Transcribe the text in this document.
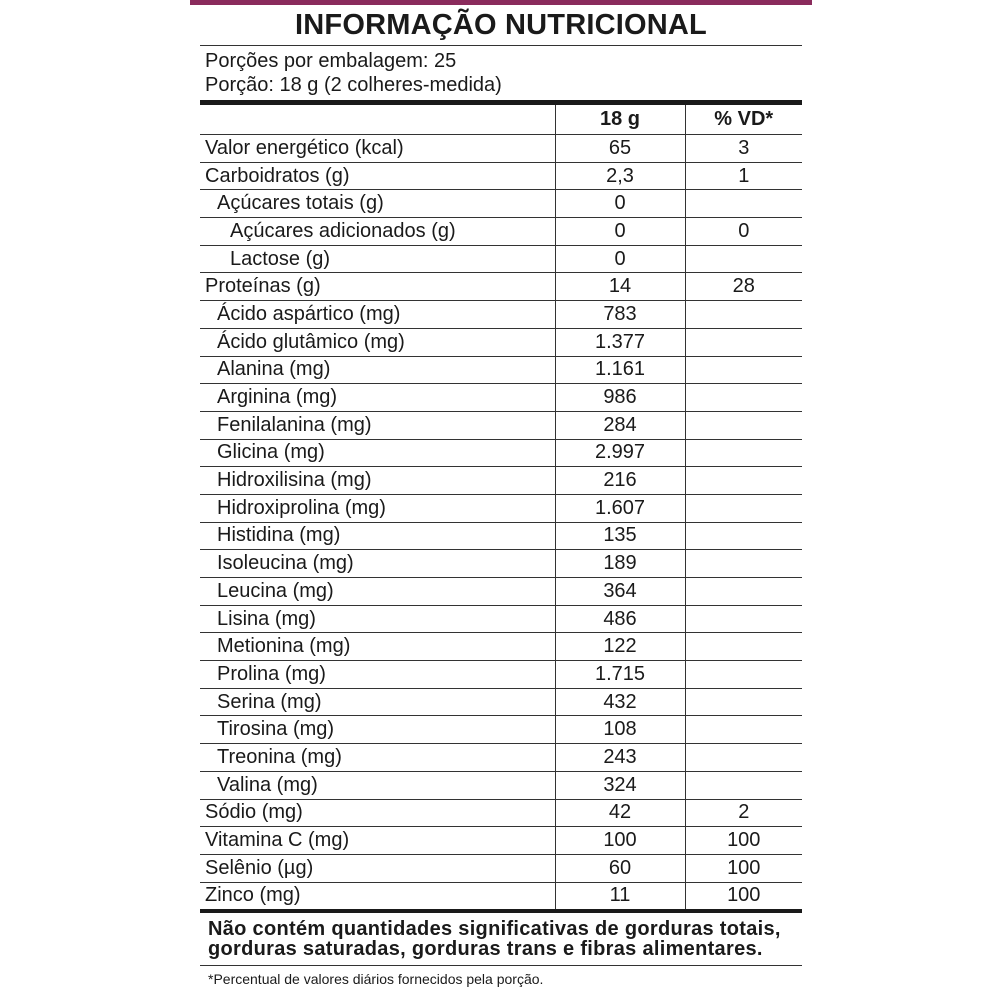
INFORMAÇÃO NUTRICIONAL
Porções por embalagem: 25
Porção: 18 g (2 colheres-medida)
	18 g	% VD*
Valor energético (kcal)	65	3
Carboidratos (g)	2,3	1
Açúcares totais (g)	0	
Açúcares adicionados (g)	0	0
Lactose (g)	0	
Proteínas (g)	14	28
Ácido aspártico (mg)	783	
Ácido glutâmico (mg)	1.377	
Alanina (mg)	1.161	
Arginina (mg)	986	
Fenilalanina (mg)	284	
Glicina (mg)	2.997	
Hidroxilisina (mg)	216	
Hidroxiprolina (mg)	1.607	
Histidina (mg)	135	
Isoleucina (mg)	189	
Leucina (mg)	364	
Lisina (mg)	486	
Metionina (mg)	122	
Prolina (mg)	1.715	
Serina (mg)	432	
Tirosina (mg)	108	
Treonina (mg)	243	
Valina (mg)	324	
Sódio (mg)	42	2
Vitamina C (mg)	100	100
Selênio (µg)	60	100
Zinco (mg)	11	100
Não contém quantidades significativas de gorduras totais,
gorduras saturadas, gorduras trans e fibras alimentares.
*Percentual de valores diários fornecidos pela porção.
